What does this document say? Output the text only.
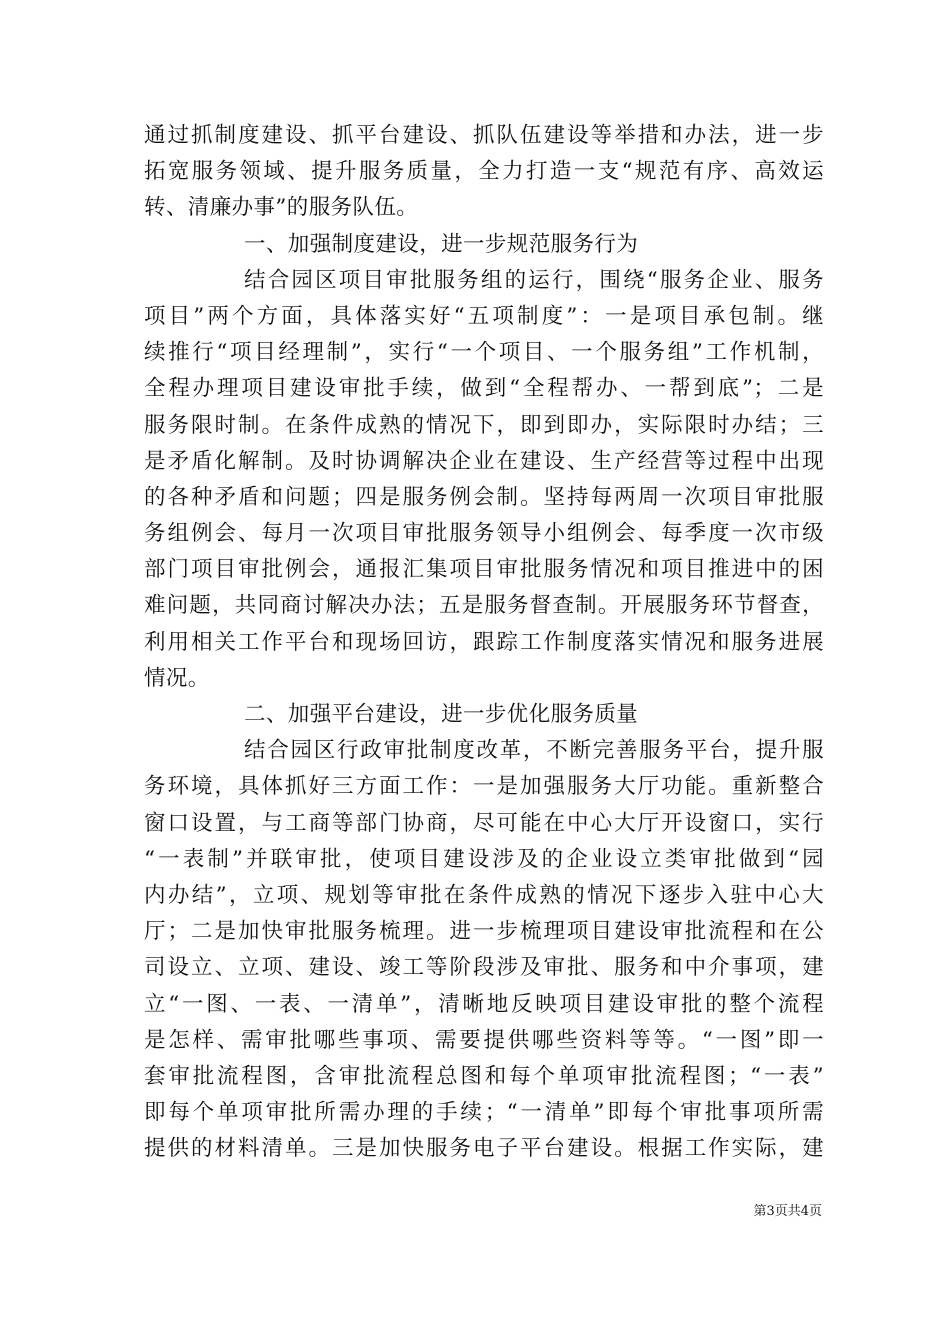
通过抓制度建设、抓平台建设、抓队伍建设等举措和办法，进一步
拓宽服务领域、提升服务质量，全力打造一支“规范有序、高效运
转、清廉办事”的服务队伍。
一、加强制度建设，进一步规范服务行为
结合园区项目审批服务组的运行，围绕“服务企业、服务
项目”两个方面，具体落实好“五项制度”：一是项目承包制。继
续推行“项目经理制”，实行“一个项目、一个服务组”工作机制，
全程办理项目建设审批手续，做到“全程帮办、一帮到底”；二是
服务限时制。在条件成熟的情况下，即到即办，实际限时办结；三
是矛盾化解制。及时协调解决企业在建设、生产经营等过程中出现
的各种矛盾和问题；四是服务例会制。坚持每两周一次项目审批服
务组例会、每月一次项目审批服务领导小组例会、每季度一次市级
部门项目审批例会，通报汇集项目审批服务情况和项目推进中的困
难问题，共同商讨解决办法；五是服务督查制。开展服务环节督查，
利用相关工作平台和现场回访，跟踪工作制度落实情况和服务进展
情况。
二、加强平台建设，进一步优化服务质量
结合园区行政审批制度改革，不断完善服务平台，提升服
务环境，具体抓好三方面工作：一是加强服务大厅功能。重新整合
窗口设置，与工商等部门协商，尽可能在中心大厅开设窗口，实行
“一表制”并联审批，使项目建设涉及的企业设立类审批做到“园
内办结”，立项、规划等审批在条件成熟的情况下逐步入驻中心大
厅；二是加快审批服务梳理。进一步梳理项目建设审批流程和在公
司设立、立项、建设、竣工等阶段涉及审批、服务和中介事项，建
立“一图、一表、一清单”，清晰地反映项目建设审批的整个流程
是怎样、需审批哪些事项、需要提供哪些资料等等。“一图”即一
套审批流程图，含审批流程总图和每个单项审批流程图；“一表”
即每个单项审批所需办理的手续；“一清单”即每个审批事项所需
提供的材料清单。三是加快服务电子平台建设。根据工作实际，建
第3页共4页
